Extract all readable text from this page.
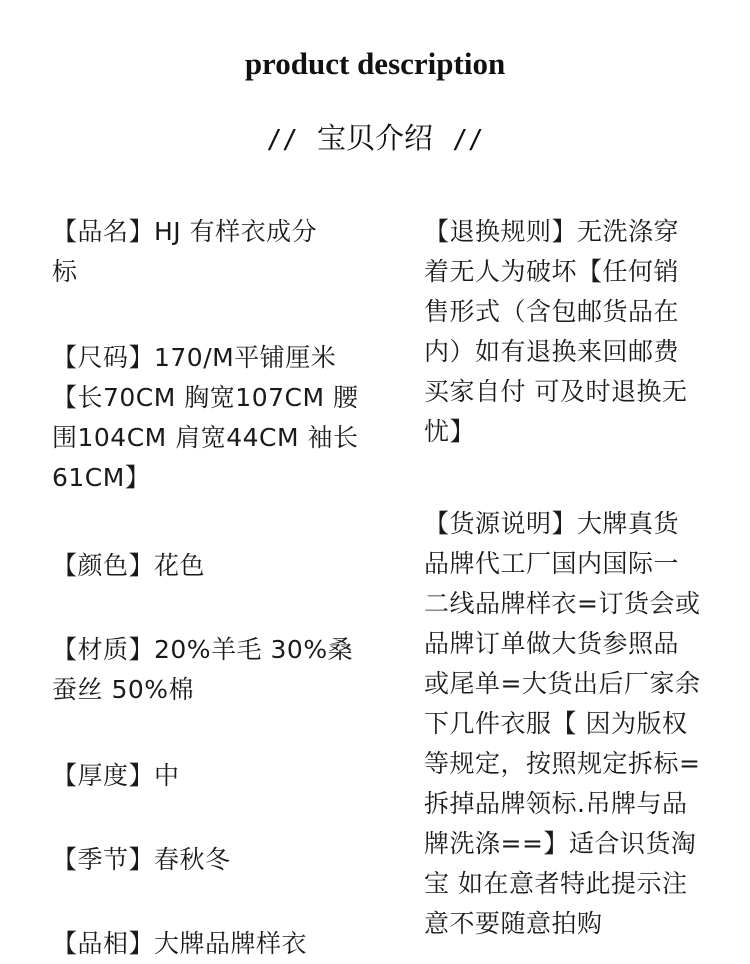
product description
// 宝贝介绍 //
【品名】HJ 有样衣成分
标
【尺码】170/M平铺厘米
【长70CM 胸宽107CM 腰
围104CM 肩宽44CM 袖长
61CM】
【颜色】花色
【材质】20%羊毛 30%桑
蚕丝 50%棉
【厚度】中
【季节】春秋冬
【品相】大牌品牌样衣
【退换规则】无洗涤穿
着无人为破坏【任何销
售形式（含包邮货品在
内）如有退换来回邮费
买家自付 可及时退换无
忧】
【货源说明】大牌真货
品牌代工厂国内国际一
二线品牌样衣=订货会或
品牌订单做大货参照品
或尾单=大货出后厂家余
下几件衣服【 因为版权
等规定，按照规定拆标=
拆掉品牌领标.吊牌与品
牌洗涤==】适合识货淘
宝 如在意者特此提示注
意不要随意拍购
